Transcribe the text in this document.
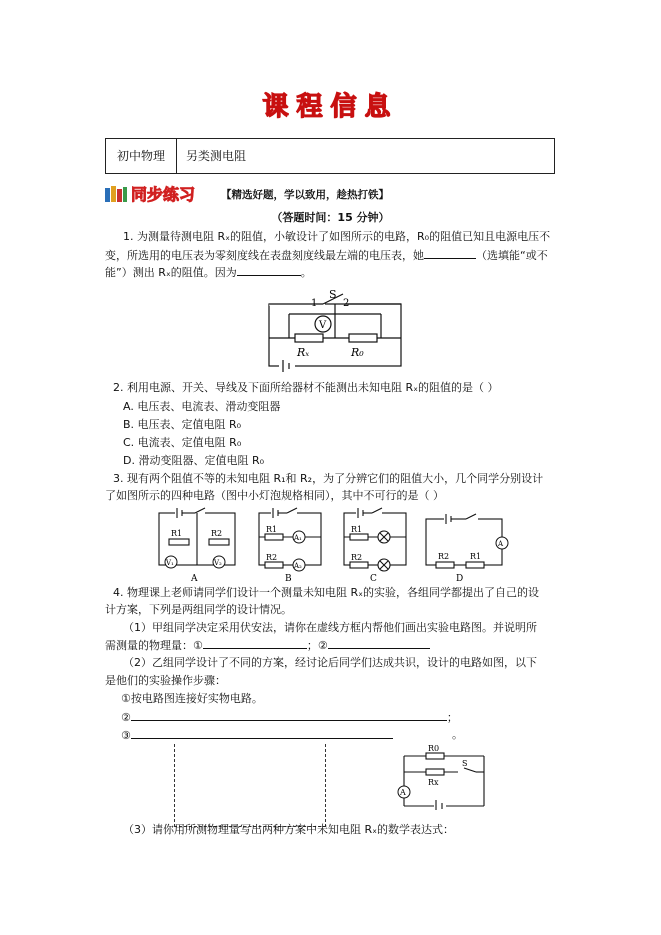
课程信息
初中物理	另类测电阻
同步练习 【精选好题，学以致用，趁热打铁】
（答题时间：15 分钟）
1. 为测量待测电阻 Rₓ的阻值，小敏设计了如图所示的电路，R₀的阻值已知且电源电压不
变，所选用的电压表为零刻度线在表盘刻度线最左端的电压表，她	（选填能“或不
能”）测出 Rₓ的阻值。因为	。
V
S
1	2
Rₓ	R₀
2. 利用电源、开关、导线及下面所给器材不能测出未知电阻 Rₓ的阻值的是（ ）
A. 电压表、电流表、滑动变阻器
B. 电压表、定值电阻 R₀
C. 电流表、定值电阻 R₀
D. 滑动变阻器、定值电阻 R₀
3. 现有两个阻值不等的未知电阻 R₁和 R₂，为了分辨它们的阻值大小，几个同学分别设计
了如图所示的四种电路（图中小灯泡规格相同），其中不可行的是（ ）
R1	R2
V₁	V₂
A
R1
R2
A₁
A₂
B
R1
R2
C
A
R2	R1
D
4. 物理课上老师请同学们设计一个测量未知电阻 Rₓ的实验，各组同学都提出了自己的设
计方案，下列是两组同学的设计情况。
（1）甲组同学决定采用伏安法，请你在虚线方框内帮他们画出实验电路图。并说明所
需测量的物理量：①	；②
（2）乙组同学设计了不同的方案，经讨论后同学们达成共识，设计的电路如图，以下
是他们的实验操作步骤：
①按电路图连接好实物电路。
②	；
③	。
A
R0
Rx
S
（3）请你用所测物理量写出两种方案中未知电阻 Rₓ的数学表达式：
